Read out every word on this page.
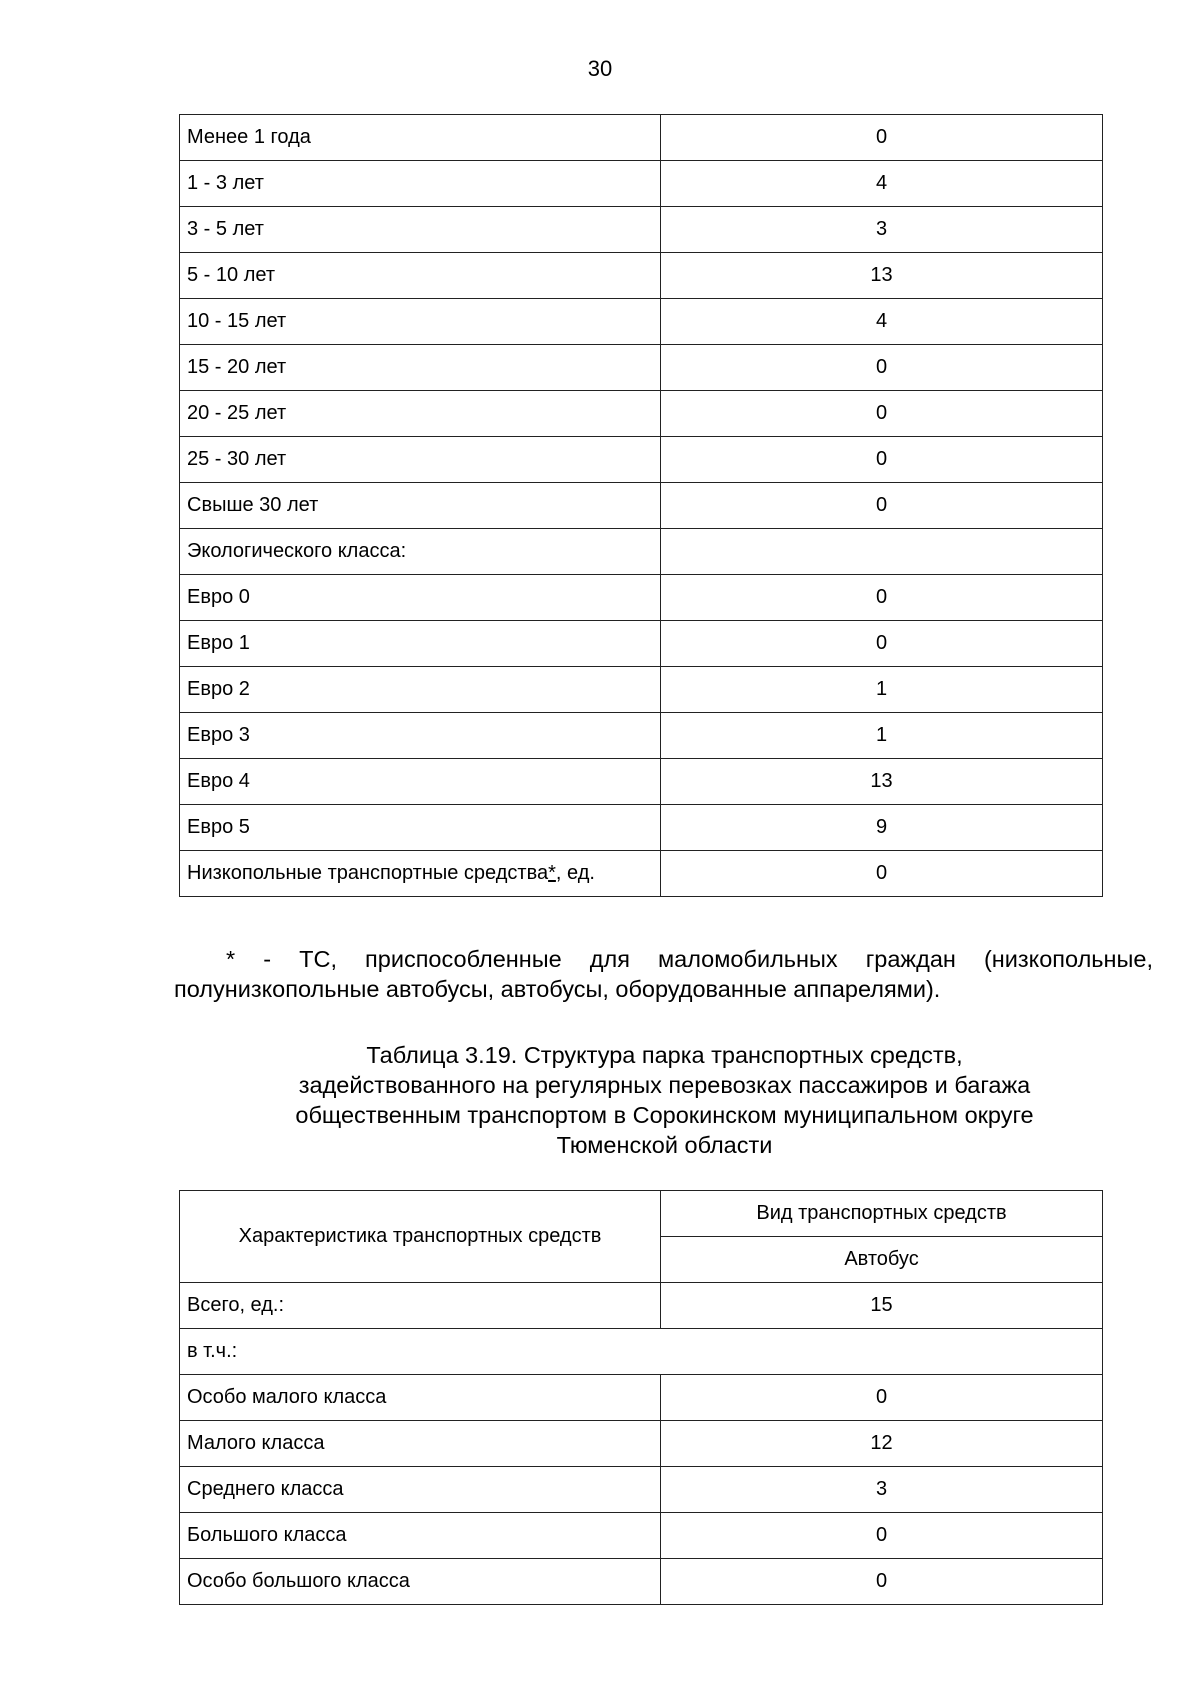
30
Менее 1 года	0
1 - 3 лет	4
3 - 5 лет	3
5 - 10 лет	13
10 - 15 лет	4
15 - 20 лет	0
20 - 25 лет	0
25 - 30 лет	0
Свыше 30 лет	0
Экологического класса:	
Евро 0	0
Евро 1	0
Евро 2	1
Евро 3	1
Евро 4	13
Евро 5	9
Низкопольные транспортные средства*, ед.	0
* - ТС, приспособленные для маломобильных граждан (низкопольные, полунизкопольные автобусы, автобусы, оборудованные аппарелями).
Таблица 3.19. Структура парка транспортных средств,
задействованного на регулярных перевозках пассажиров и багажа
общественным транспортом в Сорокинском муниципальном округе
Тюменской области
Характеристика транспортных средств	Вид транспортных средств
	Автобус
Всего, ед.:	15
в т.ч.:	
Особо малого класса	0
Малого класса	12
Среднего класса	3
Большого класса	0
Особо большого класса	0
